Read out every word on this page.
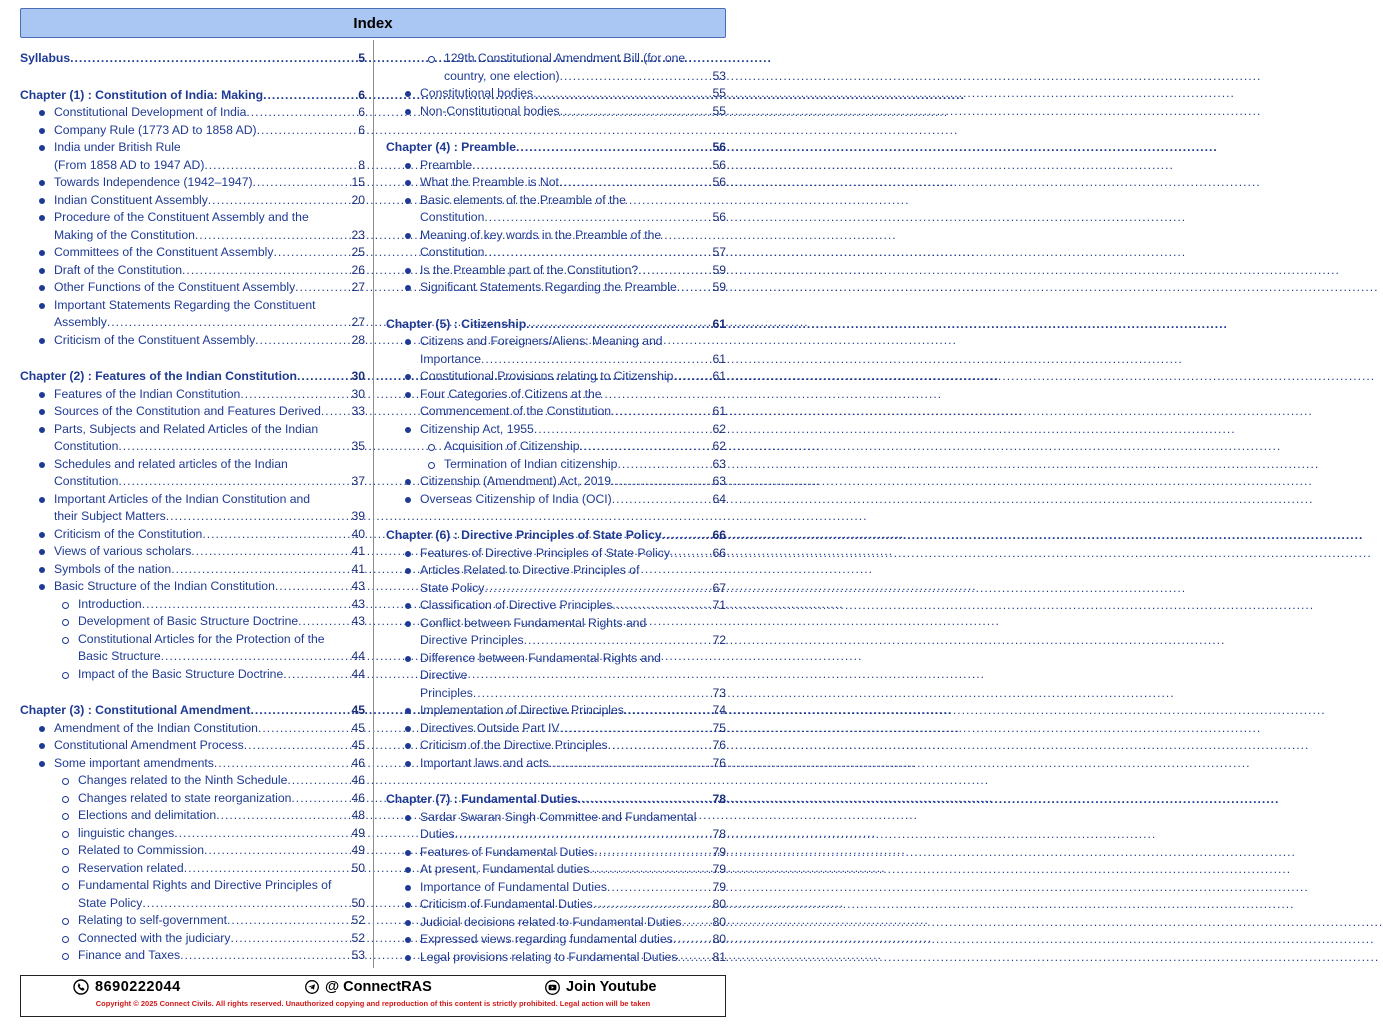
Index
Syllabus .....	5
Chapter (1) : Constitution of India: Making .....	6
Constitutional Development of India .....	6
Company Rule (1773 AD to 1858 AD) .....	6
India under British Rule
(From 1858 AD to 1947 AD) .....	8
Towards Independence (1942–1947) .....	15
Indian Constituent Assembly .....	20
Procedure of the Constituent Assembly and the
Making of the Constitution .....	23
Committees of the Constituent Assembly .....	25
Draft of the Constitution .....	26
Other Functions of the Constituent Assembly .....	27
Important Statements Regarding the Constituent
Assembly .....	27
Criticism of the Constituent Assembly .....	28
Chapter (2) : Features of the Indian Constitution .....	30
Features of the Indian Constitution .....	30
Sources of the Constitution and Features Derived .....	33
Parts, Subjects and Related Articles of the Indian
Constitution .....	35
Schedules and related articles of the Indian
Constitution .....	37
Important Articles of the Indian Constitution and
their Subject Matters .....	39
Criticism of the Constitution .....	40
Views of various scholars .....	41
Symbols of the nation .....	41
Basic Structure of the Indian Constitution .....	43
Introduction .....	43
Development of Basic Structure Doctrine .....	43
Constitutional Articles for the Protection of the
Basic Structure .....	44
Impact of the Basic Structure Doctrine .....	44
Chapter (3) : Constitutional Amendment .....	45
Amendment of the Indian Constitution .....	45
Constitutional Amendment Process .....	45
Some important amendments .....	46
Changes related to the Ninth Schedule .....	46
Changes related to state reorganization .....	46
Elections and delimitation .....	48
linguistic changes .....	49
Related to Commission .....	49
Reservation related .....	50
Fundamental Rights and Directive Principles of
State Policy .....	50
Relating to self-government .....	52
Connected with the judiciary .....	52
Finance and Taxes .....	53
129th Constitutional Amendment Bill (for one
country, one election) .....	53
Constitutional bodies .....	55
Non-Constitutional bodies .....	55
Chapter (4) : Preamble .....	56
Preamble .....	56
What the Preamble is Not .....	56
Basic elements of the Preamble of the
Constitution .....	56
Meaning of key words in the Preamble of the
Constitution .....	57
Is the Preamble part of the Constitution? .....	59
Significant Statements Regarding the Preamble .....	59
Chapter (5) : Citizenship .....	61
Citizens and Foreigners/Aliens: Meaning and
Importance .....	61
Constitutional Provisions relating to Citizenship .....	61
Four Categories of Citizens at the
Commencement of the Constitution .....	61
Citizenship Act, 1955 .....	62
Acquisition of Citizenship .....	62
Termination of Indian citizenship .....	63
Citizenship (Amendment) Act, 2019 .....	63
Overseas Citizenship of India (OCI) .....	64
Chapter (6) : Directive Principles of State Policy .....	66
Features of Directive Principles of State Policy .....	66
Articles Related to Directive Principles of
State Policy .....	67
Classification of Directive Principles .....	71
Conflict between Fundamental Rights and
Directive Principles .....	72
Difference between Fundamental Rights and
Directive
Principles .....	73
Implementation of Directive Principles .....	74
Directives Outside Part IV .....	75
Criticism of the Directive Principles .....	76
Important laws and acts .....	76
Chapter (7) : Fundamental Duties .....	78
Sardar Swaran Singh Committee and Fundamental
Duties .....	78
Features of Fundamental Duties .....	79
At present, Fundamental duties .....	79
Importance of Fundamental Duties .....	79
Criticism of Fundamental Duties .....	80
Judicial decisions related to Fundamental Duties .....	80
Expressed views regarding fundamental duties .....	80
Legal provisions relating to Fundamental Duties .....	81
8690222044	@ ConnectRAS	Join Youtube
Copyright © 2025 Connect Civils. All rights reserved. Unauthorized copying and reproduction of this content is strictly prohibited. Legal action will be taken
